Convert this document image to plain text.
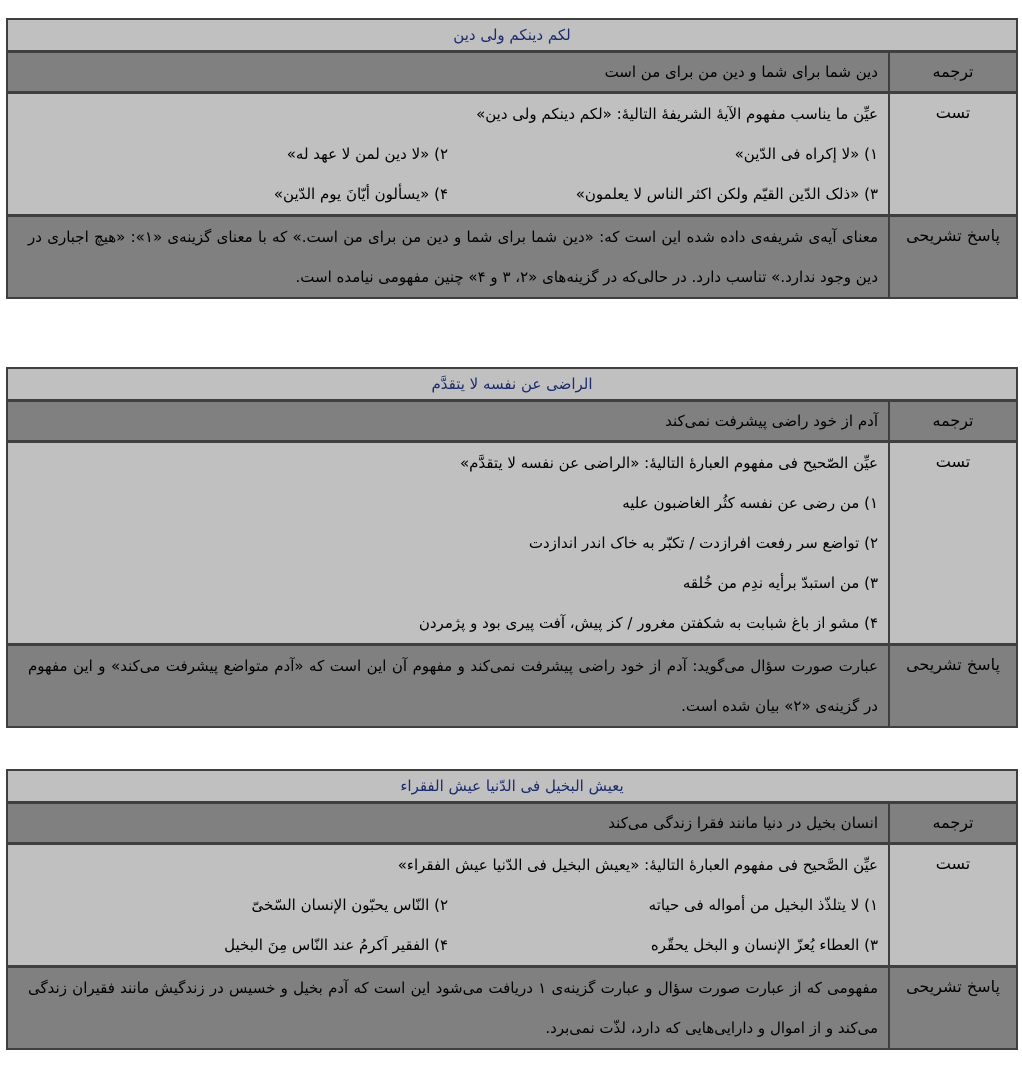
لکم دینکم ولی دین
ترجمه
دین شما برای شما و دین من برای من است
تست
عیِّن ما یناسب مفهوم الآیۀ الشریفۀ التالیۀ: «لکم دینکم ولی دین»
۱) «لا إکراه فی الدّین»
۲) «لا دین لمن لا عهد له»
۳) «ذلک الدّین القیّم ولکن اکثر الناس لا یعلمون»
۴) «یسألون أیّانَ یوم الدّین»
پاسخ تشریحی
معنای آیه‌ی شریفه‌ی داده شده این است که: «دین شما برای شما و دین من برای من است.» که با معنای گزینه‌ی «۱»: «هیچ اجباری در دین وجود ندارد.» تناسب دارد. در حالی‌که در گزینه‌های «۲، ۳ و ۴» چنین مفهومی نیامده است.
الراضی عن نفسه لا یتقدَّم
ترجمه
آدم از خود راضی پیشرفت نمی‌کند
تست
عیِّن الصّحیح فی مفهوم العبارۀ التالیۀ: «الراضی عن نفسه لا یتقدَّم»
۱) من رضی عن نفسه کثُر الغاضبون علیه
۲) تواضع سر رفعت افرازدت / تکبّر به خاک اندر اندازدت
۳) من استبدّ برأیه ندِم من خُلقه
۴) مشو از باغ شبابت به شکفتن مغرور / کز پیش، آفت پیری بود و پژمردن
پاسخ تشریحی
عبارت صورت سؤال می‌گوید: آدم از خود راضی پیشرفت نمی‌کند و مفهوم آن این است که «آدم متواضع پیشرفت می‌کند» و این مفهوم در گزینه‌ی «۲» بیان شده است.
یعیش البخیل فی الدّنیا عیش الفقراء
ترجمه
انسان بخیل در دنیا مانند فقرا زندگی می‌کند
تست
عیِّن الصَّحیح فی مفهوم العبارۀ التالیۀ: «یعیش البخیل فی الدّنیا عیش الفقراء»
۱) لا یتلذّذ البخیل من أمواله فی حیاته
۲) النّاس یحبّون الإنسان السّخیّ
۳) العطاء یُعزّ الإنسان و البخل یحقّره
۴) الفقیر اَکرمُ عند النّاس مِنَ البخیل
پاسخ تشریحی
مفهومی که از عبارت صورت سؤال و عبارت گزینه‌ی ۱ دریافت می‌شود این است که آدم بخیل و خسیس در زندگیش مانند فقیران زندگی می‌کند و از اموال و دارایی‌هایی که دارد، لذّت نمی‌برد.
